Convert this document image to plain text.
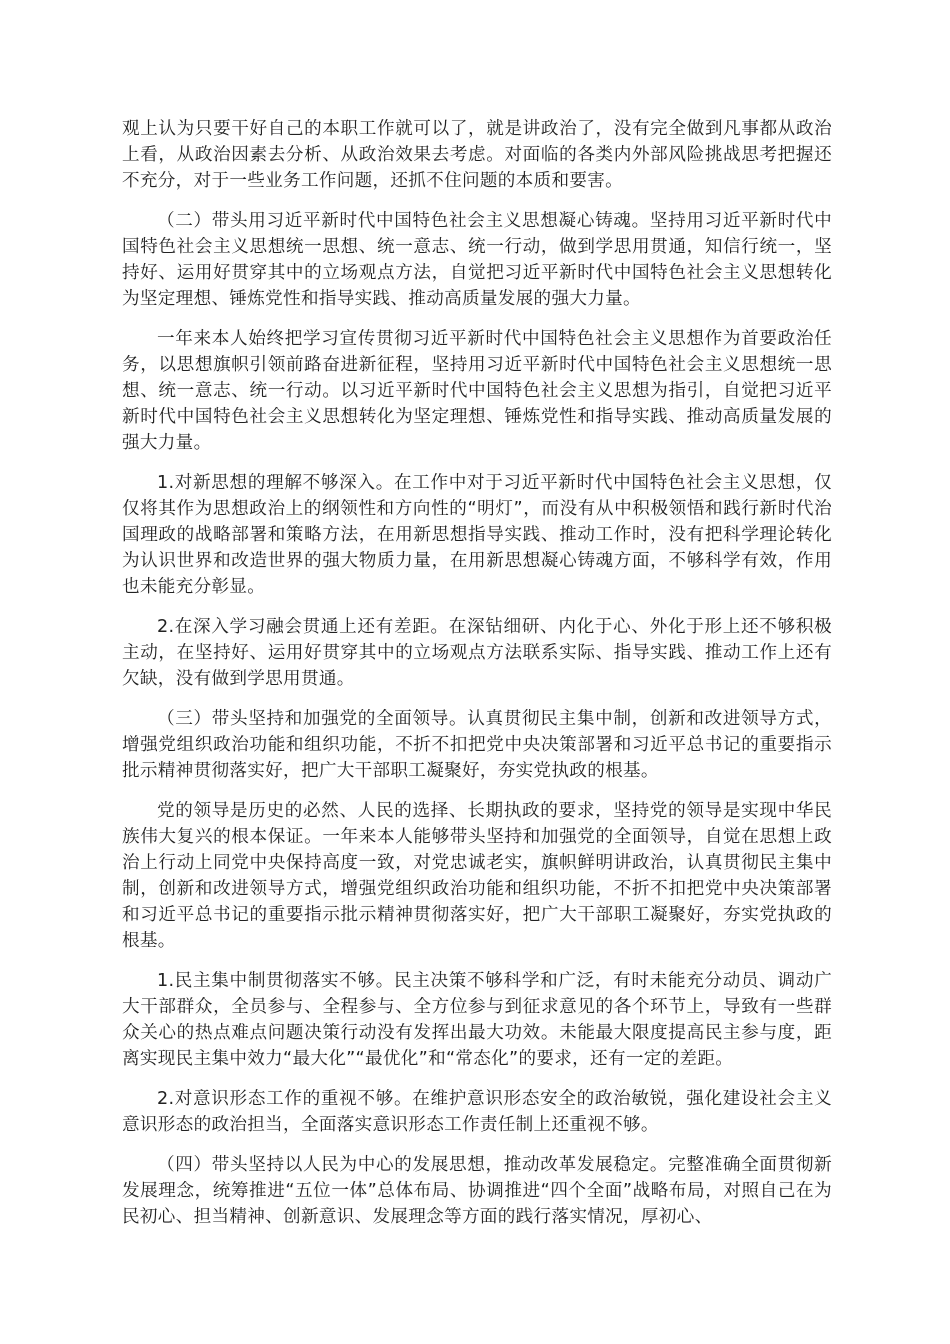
观上认为只要干好自己的本职工作就可以了，就是讲政治了，没有完全做到凡事都从政治上看，从政治因素去分析、从政治效果去考虑。对面临的各类内外部风险挑战思考把握还不充分，对于一些业务工作问题，还抓不住问题的本质和要害。

（二）带头用习近平新时代中国特色社会主义思想凝心铸魂。坚持用习近平新时代中国特色社会主义思想统一思想、统一意志、统一行动，做到学思用贯通，知信行统一，坚持好、运用好贯穿其中的立场观点方法，自觉把习近平新时代中国特色社会主义思想转化为坚定理想、锤炼党性和指导实践、推动高质量发展的强大力量。

一年来本人始终把学习宣传贯彻习近平新时代中国特色社会主义思想作为首要政治任务，以思想旗帜引领前路奋进新征程，坚持用习近平新时代中国特色社会主义思想统一思想、统一意志、统一行动。以习近平新时代中国特色社会主义思想为指引，自觉把习近平新时代中国特色社会主义思想转化为坚定理想、锤炼党性和指导实践、推动高质量发展的强大力量。

1.对新思想的理解不够深入。在工作中对于习近平新时代中国特色社会主义思想，仅仅将其作为思想政治上的纲领性和方向性的“明灯”，而没有从中积极领悟和践行新时代治国理政的战略部署和策略方法，在用新思想指导实践、推动工作时，没有把科学理论转化为认识世界和改造世界的强大物质力量，在用新思想凝心铸魂方面，不够科学有效，作用也未能充分彰显。

2.在深入学习融会贯通上还有差距。在深钻细研、内化于心、外化于形上还不够积极主动，在坚持好、运用好贯穿其中的立场观点方法联系实际、指导实践、推动工作上还有欠缺，没有做到学思用贯通。

（三）带头坚持和加强党的全面领导。认真贯彻民主集中制，创新和改进领导方式，增强党组织政治功能和组织功能，不折不扣把党中央决策部署和习近平总书记的重要指示批示精神贯彻落实好，把广大干部职工凝聚好，夯实党执政的根基。

党的领导是历史的必然、人民的选择、长期执政的要求，坚持党的领导是实现中华民族伟大复兴的根本保证。一年来本人能够带头坚持和加强党的全面领导，自觉在思想上政治上行动上同党中央保持高度一致，对党忠诚老实，旗帜鲜明讲政治，认真贯彻民主集中制，创新和改进领导方式，增强党组织政治功能和组织功能，不折不扣把党中央决策部署和习近平总书记的重要指示批示精神贯彻落实好，把广大干部职工凝聚好，夯实党执政的根基。

1.民主集中制贯彻落实不够。民主决策不够科学和广泛，有时未能充分动员、调动广大干部群众，全员参与、全程参与、全方位参与到征求意见的各个环节上，导致有一些群众关心的热点难点问题决策行动没有发挥出最大功效。未能最大限度提高民主参与度，距离实现民主集中效力“最大化”“最优化”和“常态化”的要求，还有一定的差距。

2.对意识形态工作的重视不够。在维护意识形态安全的政治敏锐，强化建设社会主义意识形态的政治担当，全面落实意识形态工作责任制上还重视不够。

（四）带头坚持以人民为中心的发展思想，推动改革发展稳定。完整准确全面贯彻新发展理念，统筹推进“五位一体”总体布局、协调推进“四个全面”战略布局，对照自己在为民初心、担当精神、创新意识、发展理念等方面的践行落实情况，厚初心、
